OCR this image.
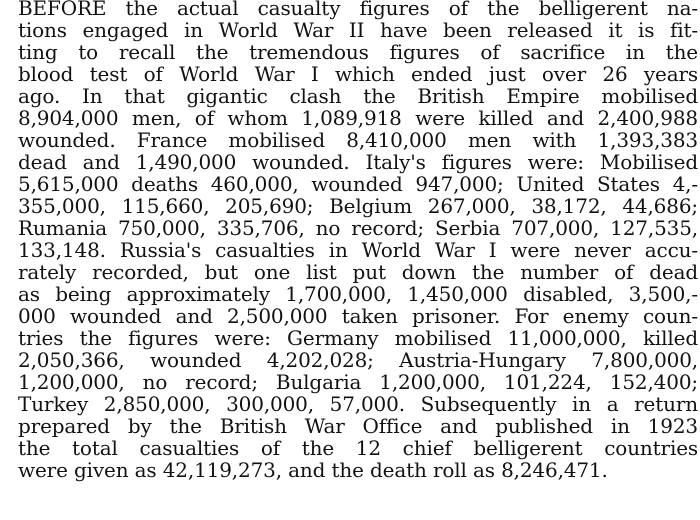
BEFORE the actual casualty figures of the belligerent na-
tions engaged in World War II have been released it is fit-
ting to recall the tremendous figures of sacrifice in the
blood test of World War I which ended just over 26 years
ago. In that gigantic clash the British Empire mobilised
8,904,000 men, of whom 1,089,918 were killed and 2,400,988
wounded. France mobilised 8,410,000 men with 1,393,383
dead and 1,490,000 wounded. Italy's figures were: Mobilised
5,615,000 deaths 460,000, wounded 947,000; United States 4,-
355,000, 115,660, 205,690; Belgium 267,000, 38,172, 44,686;
Rumania 750,000, 335,706, no record; Serbia 707,000, 127,535,
133,148. Russia's casualties in World War I were never accu-
rately recorded, but one list put down the number of dead
as being approximately 1,700,000, 1,450,000 disabled, 3,500,-
000 wounded and 2,500,000 taken prisoner. For enemy coun-
tries the figures were: Germany mobilised 11,000,000, killed
2,050,366, wounded 4,202,028; Austria-Hungary 7,800,000,
1,200,000, no record; Bulgaria 1,200,000, 101,224, 152,400;
Turkey 2,850,000, 300,000, 57,000. Subsequently in a return
prepared by the British War Office and published in 1923
the total casualties of the 12 chief belligerent countries
were given as 42,119,273, and the death roll as 8,246,471.
